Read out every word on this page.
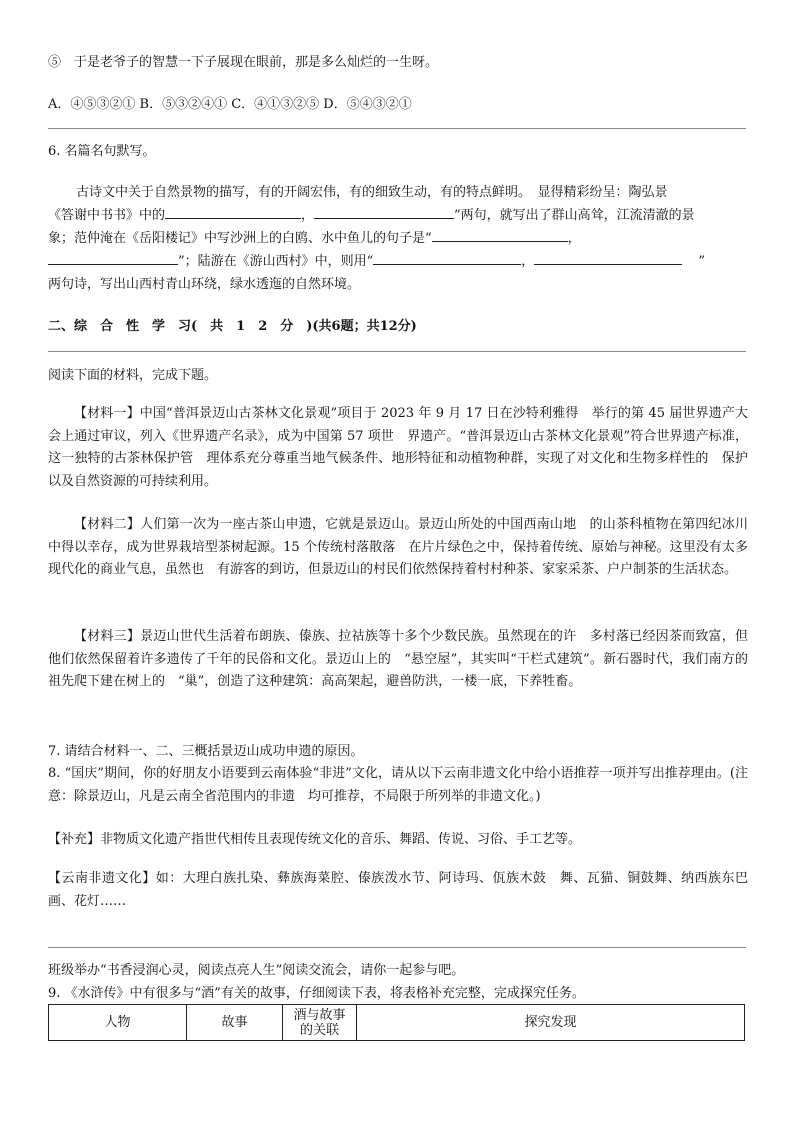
⑤　于是老爷子的智慧一下子展现在眼前，那是多么灿烂的一生呀。
A．④⑤③②① B．⑤③②④① C．④①③②⑤ D．⑤④③②①
6. 名篇名句默写。
古诗文中关于自然景物的描写，有的开阔宏伟，有的细致生动，有的特点鲜明。　显得精彩纷呈：陶弘景
《答谢中书书》中的	，	”两句，就写出了群山高耸，江流清澈的景
象；范仲淹在《岳阳楼记》中写沙洲上的白鸥、水中鱼儿的句子是“	，
”；陆游在《游山西村》中，则用“	，	”
两句诗，写出山西村青山环绕，绿水透迤的自然环境。
二、综　合　性　学　习(　共　1　2　分　)(共6题；共12分)
阅读下面的材料，完成下题。
【材料一】中国“普洱景迈山古茶林文化景观”项目于 2023 年 9 月 17 日在沙特利雅得　举行的第 45 届世界遗产大会上通过审议，列入《世界遗产名录》，成为中国第 57 项世　界遗产。“普洱景迈山古茶林文化景观”符合世界遗产标准，这一独特的古茶林保护管　理体系充分尊重当地气候条件、地形特征和动植物种群，实现了对文化和生物多样性的　保护以及自然资源的可持续利用。
【材料二】人们第一次为一座古茶山申遗，它就是景迈山。景迈山所处的中国西南山地　的山茶科植物在第四纪冰川中得以幸存，成为世界栽培型茶树起源。15 个传统村落散落　在片片绿色之中，保持着传统、原始与神秘。这里没有太多现代化的商业气息，虽然也　有游客的到访，但景迈山的村民们依然保持着村村种茶、家家采茶、户户制茶的生活状态。
【材料三】景迈山世代生活着布朗族、傣族、拉祜族等十多个少数民族。虽然现在的许　多村落已经因茶而致富，但他们依然保留着许多遗传了千年的民俗和文化。景迈山上的　“悬空屋”，其实叫“干栏式建筑”。新石器时代，我们南方的祖先爬下建在树上的　“巢”，创造了这种建筑：高高架起，避兽防洪，一楼一底，下养牲畜。
7. 请结合材料一、二、三概括景迈山成功申遗的原因。
8. “国庆”期间，你的好朋友小语要到云南体验“非进”文化，请从以下云南非遗文化中给小语推荐一项并写出推荐理由。(注意：除景迈山，凡是云南全省范围内的非遗　均可推荐，不局限于所列举的非遗文化。)
【补充】非物质文化遗产指世代相传且表现传统文化的音乐、舞蹈、传说、习俗、手工艺等。
【云南非遗文化】如：大理白族扎染、彝族海菜腔、傣族泼水节、阿诗玛、佤族木鼓　舞、瓦猫、铜鼓舞、纳西族东巴画、花灯……
班级举办“书香浸润心灵，阅读点亮人生”阅读交流会，请你一起参与吧。
9. 《水浒传》中有很多与“酒”有关的故事，仔细阅读下表，将表格补充完整，完成探究任务。
人物	故事	酒与故事的关联	探究发现
